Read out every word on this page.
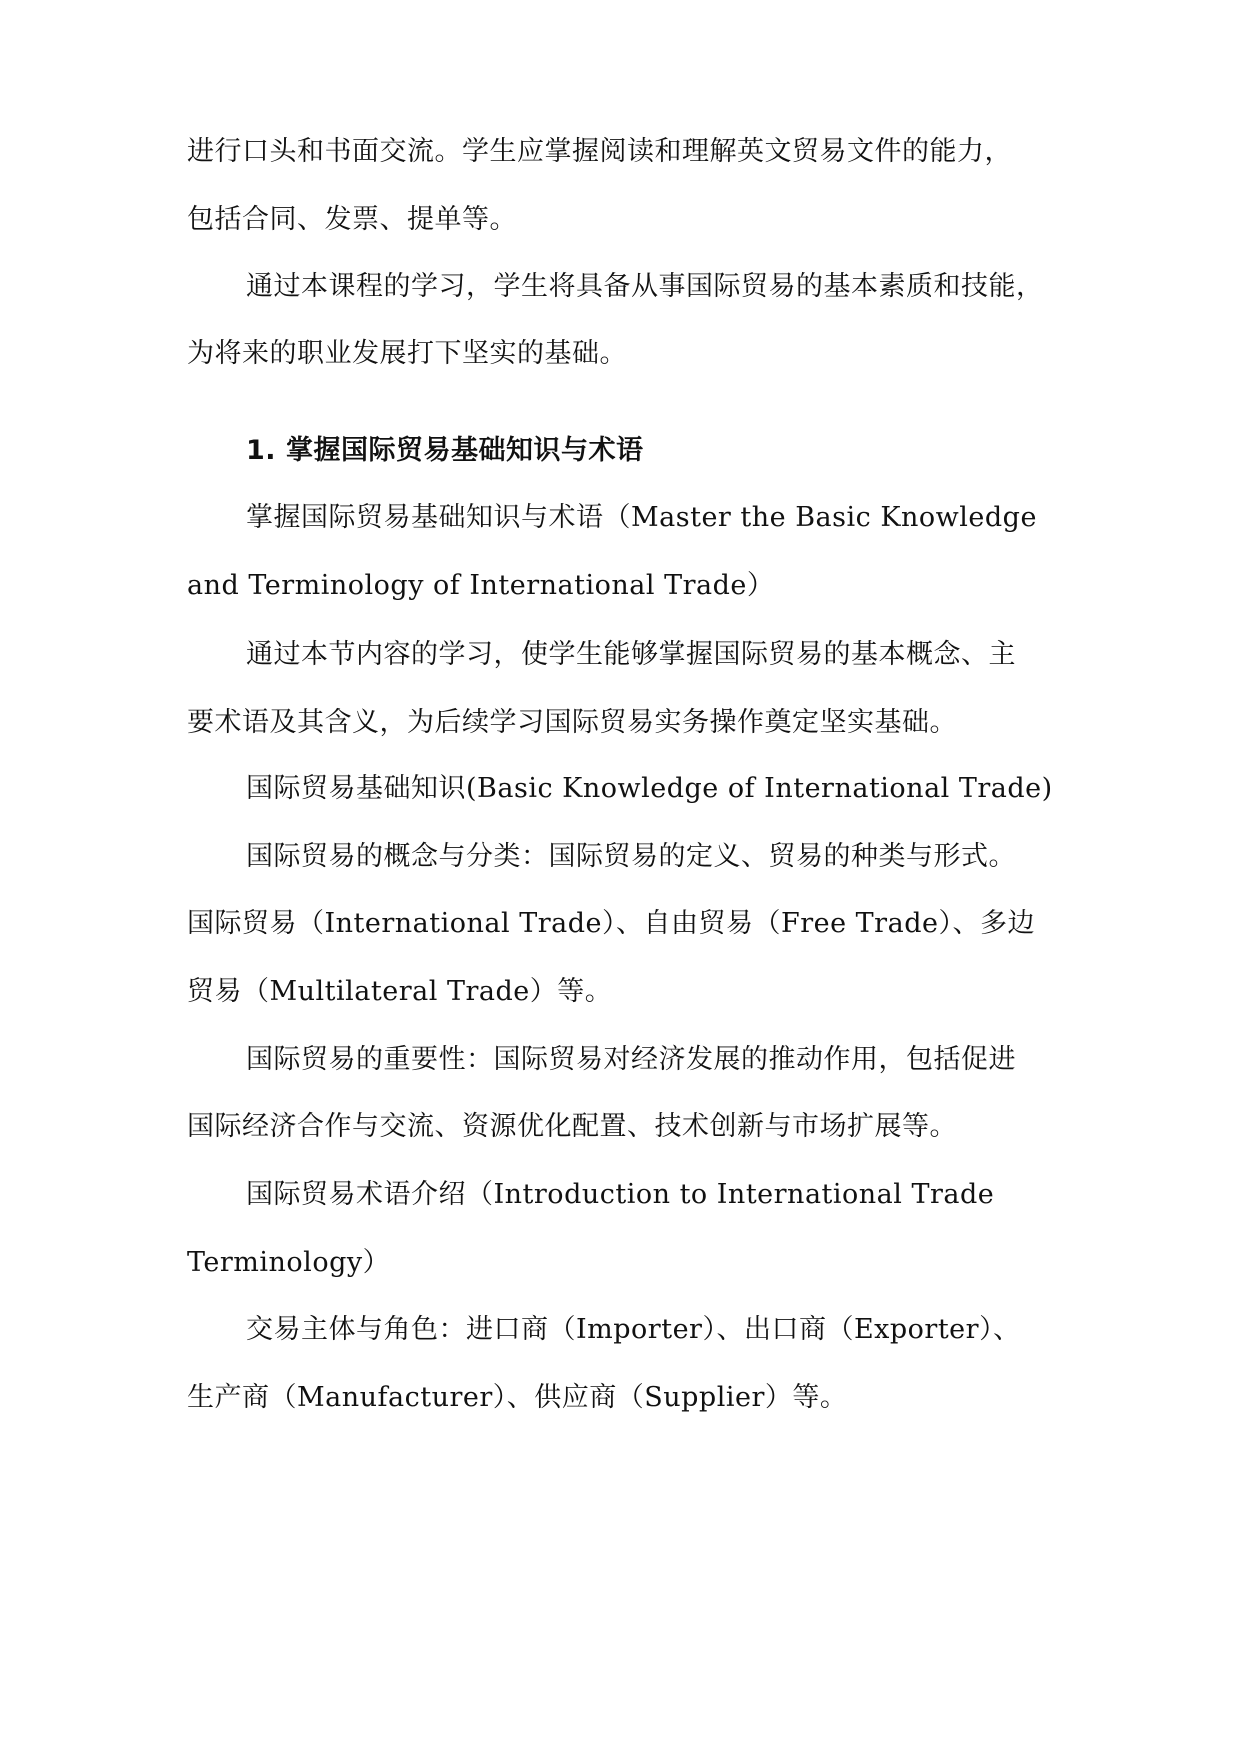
进行口头和书面交流。学生应掌握阅读和理解英文贸易文件的能力，
包括合同、发票、提单等。
通过本课程的学习，学生将具备从事国际贸易的基本素质和技能，
为将来的职业发展打下坚实的基础。
1. 掌握国际贸易基础知识与术语
掌握国际贸易基础知识与术语（Master the Basic Knowledge
and Terminology of International Trade）
通过本节内容的学习，使学生能够掌握国际贸易的基本概念、主
要术语及其含义，为后续学习国际贸易实务操作奠定坚实基础。
国际贸易基础知识(Basic Knowledge of International Trade)
国际贸易的概念与分类：国际贸易的定义、贸易的种类与形式。
国际贸易（International Trade）、自由贸易（Free Trade）、多边
贸易（Multilateral Trade）等。
国际贸易的重要性：国际贸易对经济发展的推动作用，包括促进
国际经济合作与交流、资源优化配置、技术创新与市场扩展等。
国际贸易术语介绍（Introduction to International Trade
Terminology）
交易主体与角色：进口商（Importer）、出口商（Exporter）、
生产商（Manufacturer）、供应商（Supplier）等。
